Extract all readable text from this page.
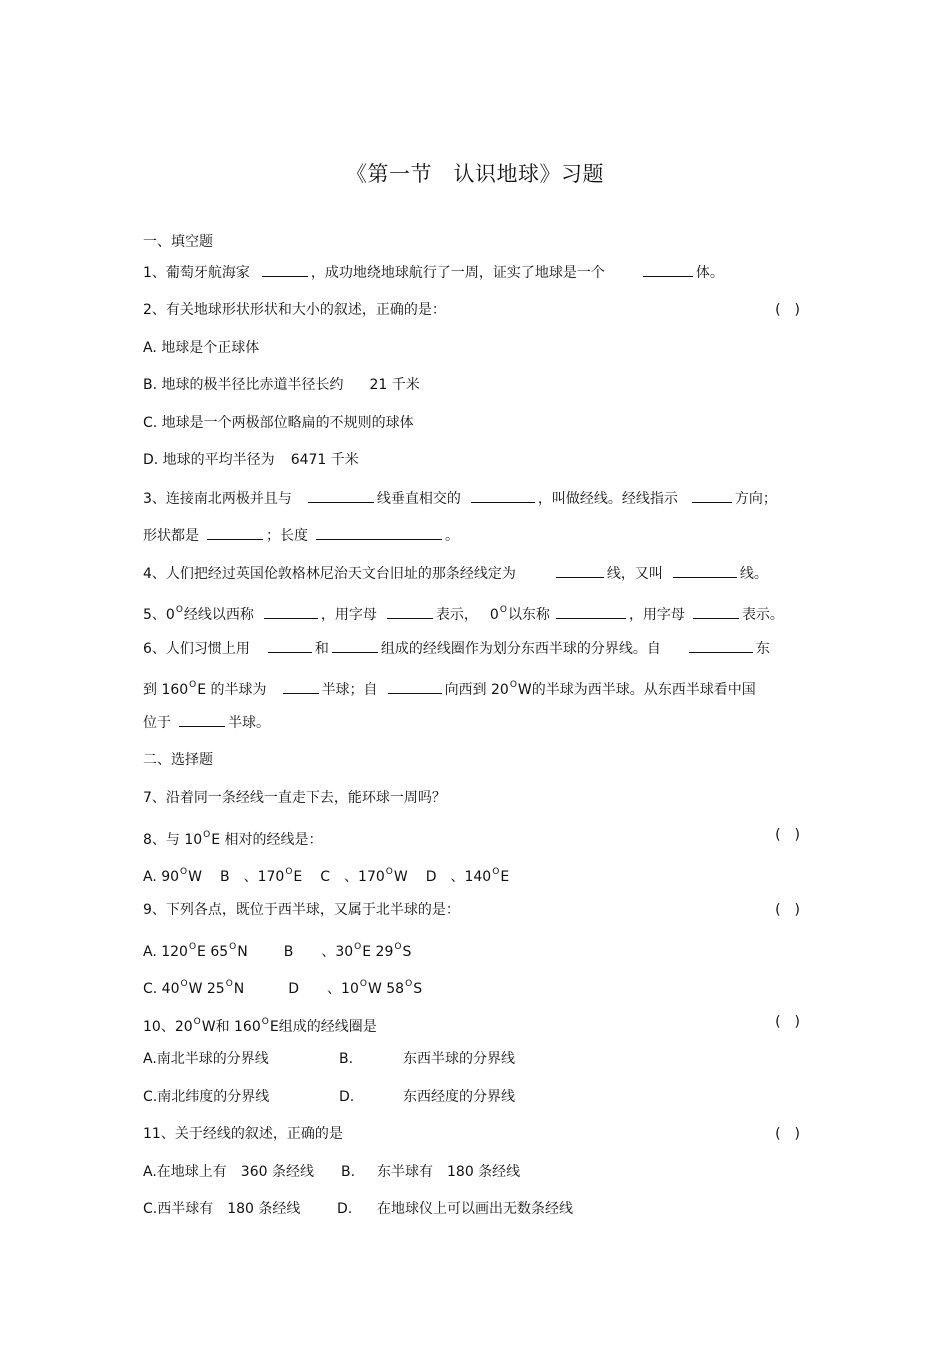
《第一节　认识地球》习题
一、填空题
1、葡萄牙航海家	，成功地绕地球航行了一周，证实了地球是一个	体。
2、有关地球形状形状和大小的叙述，正确的是：	(　)
A. 地球是个正球体
B. 地球的极半径比赤道半径长约 21 千米
C. 地球是一个两极部位略扁的不规则的球体
D. 地球的平均半径为 6471 千米
3、连接南北两极并且与	线垂直相交的	，叫做经线。经线指示	方向；
形状都是	；长度	。
4、人们把经过英国伦敦格林尼治天文台旧址的那条经线定为	线，又叫	线。
5、$0^O$经线以西称	，用字母	表示， $0^O$以东称	，用字母	表示。
6、人们习惯上用	和	组成的经线圈作为划分东西半球的分界线。自	东
到 $160^OE$ 的半球为	半球；自	向西到 $20^OW$的半球为西半球。从东西半球看中国
位于	半球。
二、选择题
7、沿着同一条经线一直走下去，能环球一周吗？
8、与 $10^OE$ 相对的经线是：	(　)
A. $90^OW$ B　、$170^OE$ C　、$170^OW$ D　、$140^OE$
9、下列各点，既位于西半球，又属于北半球的是：	(　)
A. $120^OE$ $65^ON$	B　　、$30^OE$ $29^OS$
C. $40^OW$ $25^ON$	D　　、$10^OW$ $58^OS$
10、$20^OW$和 $160^OE$组成的经线圈是	(　)
A.南北半球的分界线	B.	东西半球的分界线
C.南北纬度的分界线	D.	东西经度的分界线
11、关于经线的叙述，正确的是	(　)
A.在地球上有　360 条经线 B. 东半球有　180 条经线
C.西半球有　180 条经线	D. 在地球仪上可以画出无数条经线
